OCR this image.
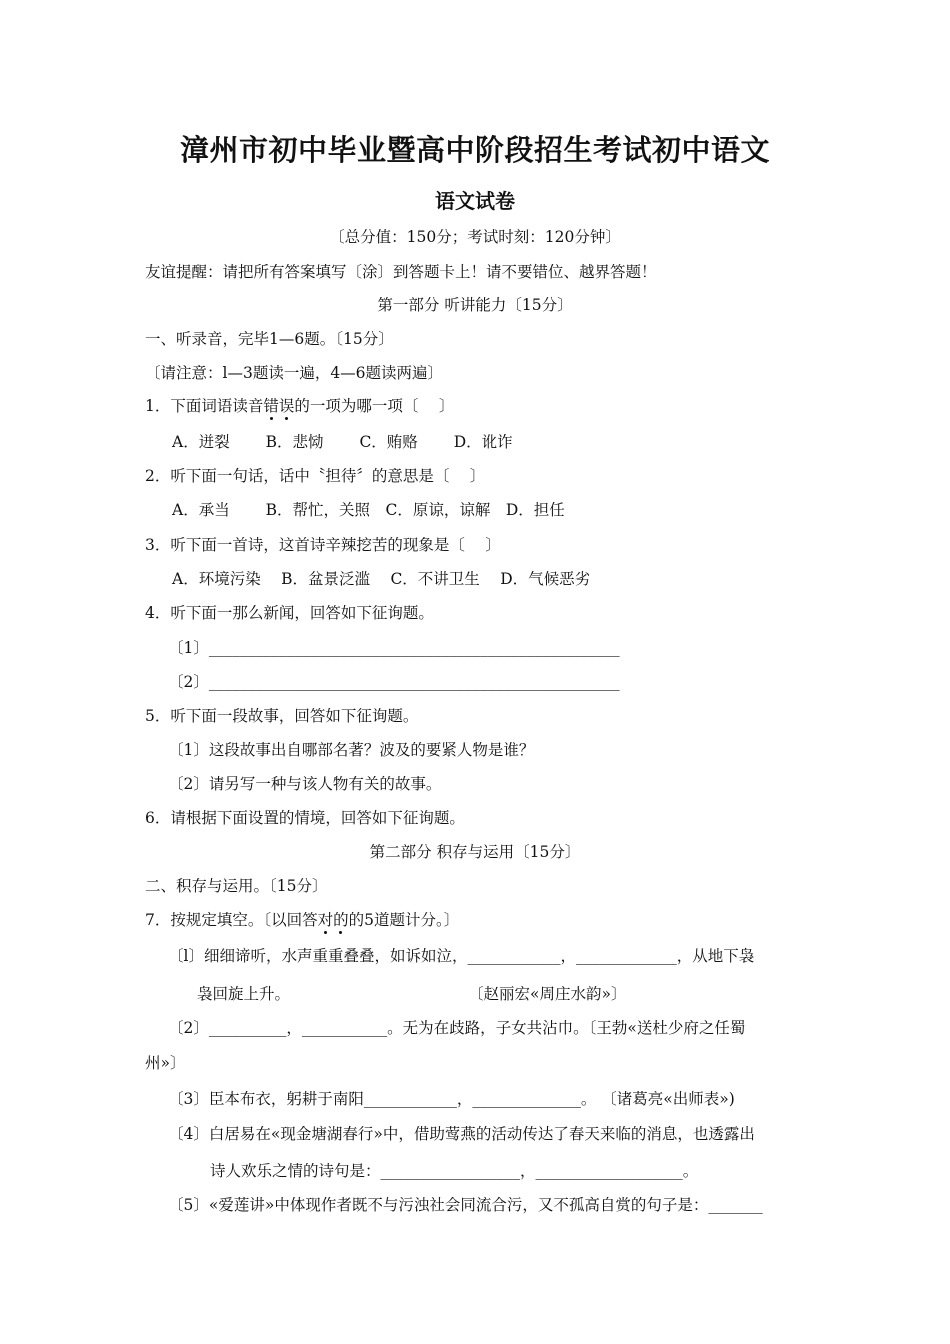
漳州市初中毕业暨高中阶段招生考试初中语文
语文试卷
〔总分值：150分；考试时刻：120分钟〕
友谊提醒：请把所有答案填写〔涂〕到答题卡上！请不要错位、越界答题！
第一部分 听讲能力〔15分〕
一、听录音，完毕1—6题。〔15分〕
〔请注意：l—3题读一遍，4—6题读两遍〕
1．下面词语读音错误的一项为哪一项〔　 〕
A．迸裂　　 B．悲恸　　 C．贿赂　　 D．讹诈
2．听下面一句话，话中〝担待〞的意思是〔　 〕
A．承当　　 B．帮忙，关照　C．原谅，谅解　D．担任
3．听下面一首诗，这首诗辛辣挖苦的现象是〔　 〕
A．环境污染　 B．盆景泛滥　 C．不讲卫生　 D．气候恶劣
4．听下面一那么新闻，回答如下征询题。
〔1〕_____________________________________________________
〔2〕_____________________________________________________
5．听下面一段故事，回答如下征询题。
〔1〕这段故事出自哪部名著？波及的要紧人物是谁？
〔2〕请另写一种与该人物有关的故事。
6．请根据下面设置的情境，回答如下征询题。
第二部分 积存与运用〔15分〕
二、积存与运用。〔15分〕
7．按规定填空。〔以回答对的的5道题计分。〕
〔l〕细细谛听，水声重重叠叠，如诉如泣，____________，_____________，从地下袅
袅回旋上升。	〔赵丽宏«周庄水韵»〕
〔2〕__________，___________。无为在歧路，子女共沾巾。〔王勃«送杜少府之任蜀
州»〕
〔3〕臣本布衣，躬耕于南阳____________，______________。 〔诸葛亮«出师表»)
〔4〕白居易在«现金塘湖春行»中，借助莺燕的活动传达了春天来临的消息，也透露出
诗人欢乐之情的诗句是：__________________，___________________。
〔5〕«爱莲讲»中体现作者既不与污浊社会同流合污，又不孤高自赏的句子是：_______
